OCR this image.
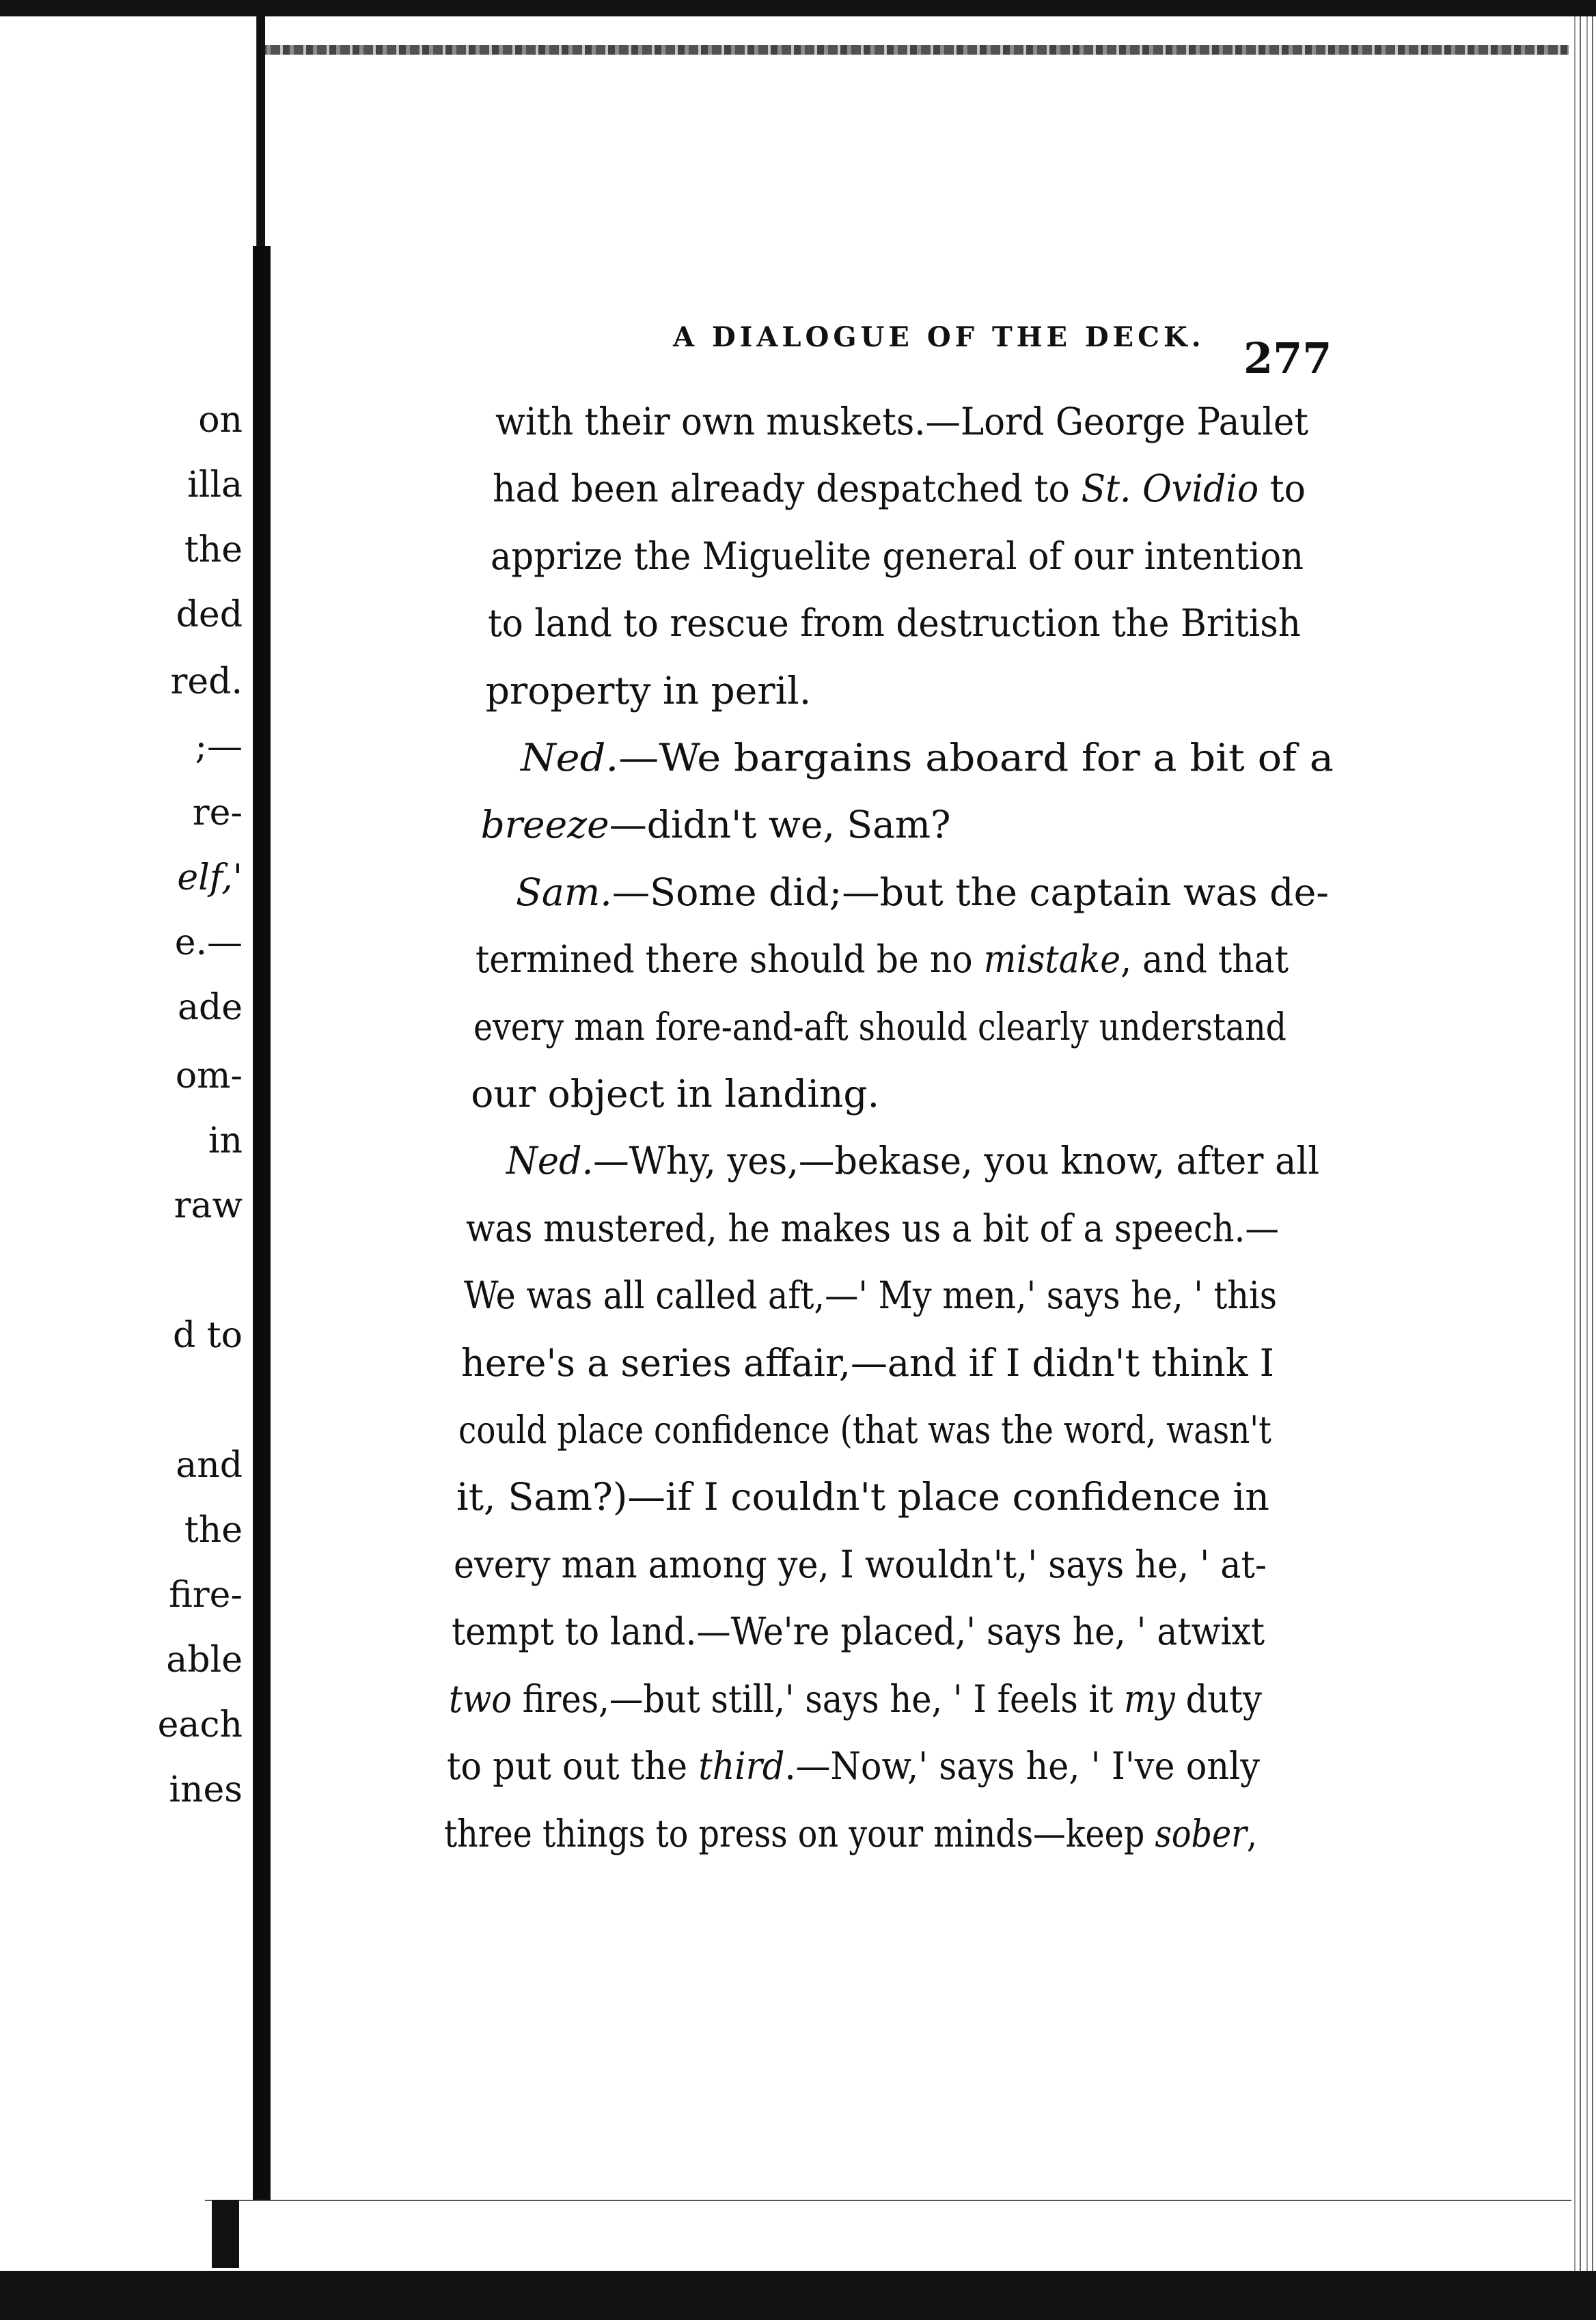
A DIALOGUE OF THE DECK. 277
with their own muskets.—Lord George Paulet
had been already despatched to St. Ovidio to
apprize the Miguelite general of our intention
to land to rescue from destruction the British
property in peril.
Ned.—We bargains aboard for a bit of a
breeze—didn't we, Sam?
Sam.—Some did;—but the captain was de-
termined there should be no mistake, and that
every man fore-and-aft should clearly understand
our object in landing.
Ned.—Why, yes,—bekase, you know, after all
was mustered, he makes us a bit of a speech.—
We was all called aft,—' My men,' says he, ' this
here's a series affair,—and if I didn't think I
could place confidence (that was the word, wasn't
it, Sam?)—if I couldn't place confidence in
every man among ye, I wouldn't,' says he, ' at-
tempt to land.—We're placed,' says he, ' atwixt
two fires,—but still,' says he, ' I feels it my duty
to put out the third.—Now,' says he, ' I've only
three things to press on your minds—keep sober,
on
illa
the
ded
red.
;—
re-
elf,'
e.—
ade
om-
in
raw
d to
and
the
fire-
able
each
ines
